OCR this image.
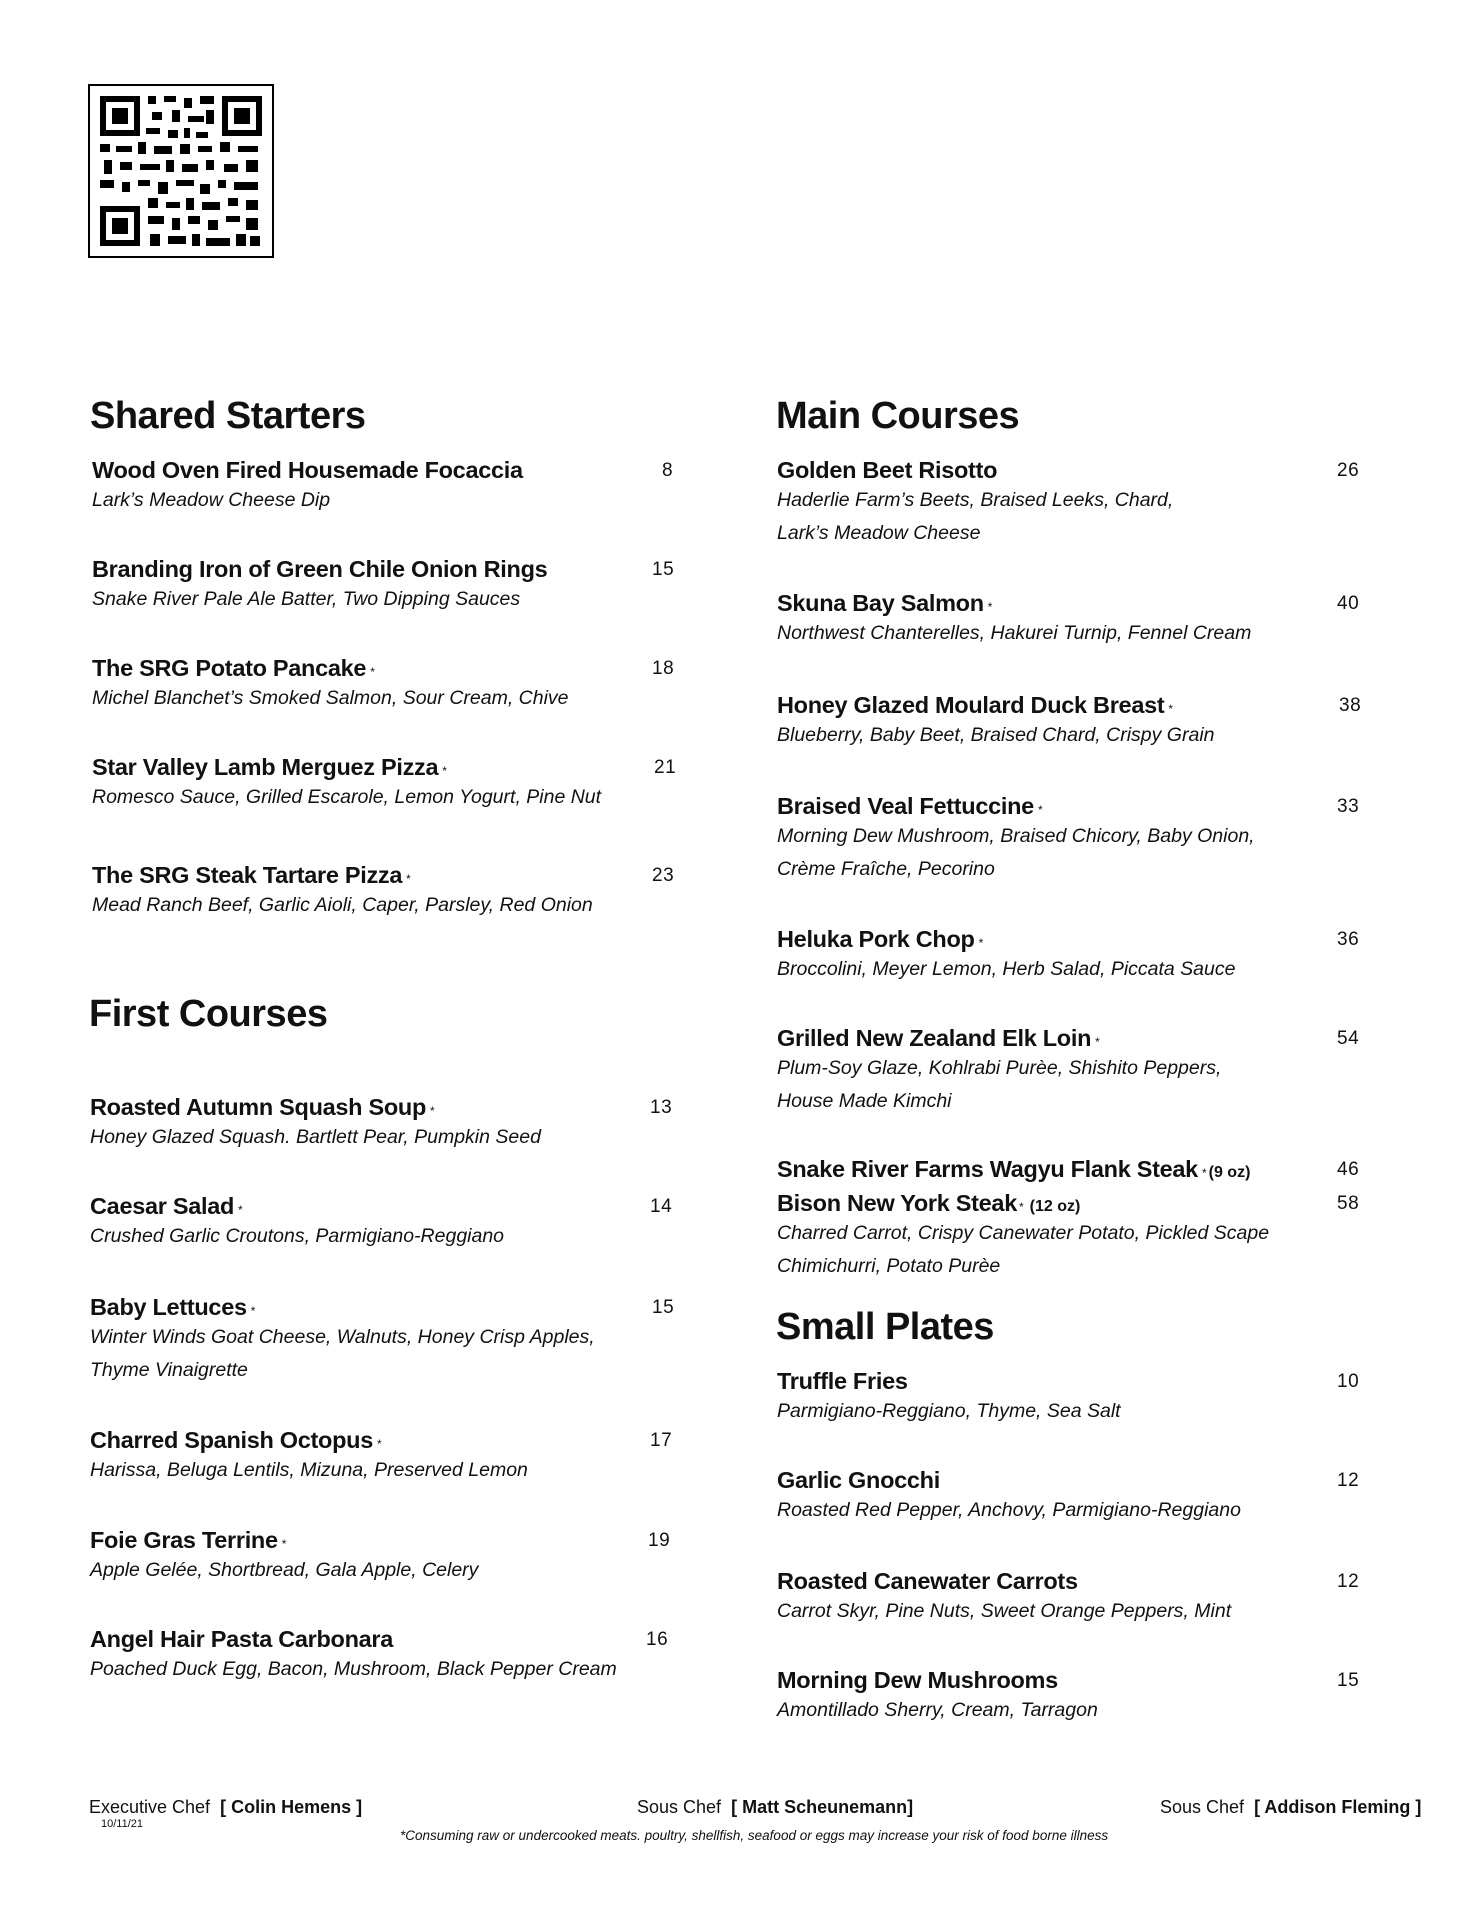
Shared Starters
Wood Oven Fired Housemade Focaccia	8
Lark’s Meadow Cheese Dip
Branding Iron of Green Chile Onion Rings	15
Snake River Pale Ale Batter, Two Dipping Sauces
The SRG Potato Pancake *	18
Michel Blanchet’s Smoked Salmon, Sour Cream, Chive
Star Valley Lamb Merguez Pizza *	21
Romesco Sauce, Grilled Escarole, Lemon Yogurt, Pine Nut
The SRG Steak Tartare Pizza *	23
Mead Ranch Beef, Garlic Aioli, Caper, Parsley, Red Onion
First Courses
Roasted Autumn Squash Soup *	13
Honey Glazed Squash. Bartlett Pear, Pumpkin Seed
Caesar Salad *	14
Crushed Garlic Croutons, Parmigiano-Reggiano
Baby Lettuces *	15
Winter Winds Goat Cheese, Walnuts, Honey Crisp Apples,
Thyme Vinaigrette
Charred Spanish Octopus *	17
Harissa, Beluga Lentils, Mizuna, Preserved Lemon
Foie Gras Terrine *	19
Apple Gelée, Shortbread, Gala Apple, Celery
Angel Hair Pasta Carbonara	16
Poached Duck Egg, Bacon, Mushroom, Black Pepper Cream
Main Courses
Golden Beet Risotto	26
Haderlie Farm’s Beets, Braised Leeks, Chard,
Lark’s Meadow Cheese
Skuna Bay Salmon *	40
Northwest Chanterelles, Hakurei Turnip, Fennel Cream
Honey Glazed Moulard Duck Breast *	38
Blueberry, Baby Beet, Braised Chard, Crispy Grain
Braised Veal Fettuccine *	33
Morning Dew Mushroom, Braised Chicory, Baby Onion,
Crème Fraîche, Pecorino
Heluka Pork Chop *	36
Broccolini, Meyer Lemon, Herb Salad, Piccata Sauce
Grilled New Zealand Elk Loin *	54
Plum-Soy Glaze, Kohlrabi Purèe, Shishito Peppers,
House Made Kimchi
Snake River Farms Wagyu Flank Steak * (9 oz)	46
Bison New York Steak * (12 oz)	58
Charred Carrot, Crispy Canewater Potato, Pickled Scape
Chimichurri, Potato Purèe
Small Plates
Truffle Fries	10
Parmigiano-Reggiano, Thyme, Sea Salt
Garlic Gnocchi	12
Roasted Red Pepper, Anchovy, Parmigiano-Reggiano
Roasted Canewater Carrots	12
Carrot Skyr, Pine Nuts, Sweet Orange Peppers, Mint
Morning Dew Mushrooms	15
Amontillado Sherry, Cream, Tarragon
Executive Chef [ Colin Hemens ]	Sous Chef [ Matt Scheunemann]	Sous Chef [ Addison Fleming ]
10/11/21
*Consuming raw or undercooked meats. poultry, shellfish, seafood or eggs may increase your risk of food borne illness
